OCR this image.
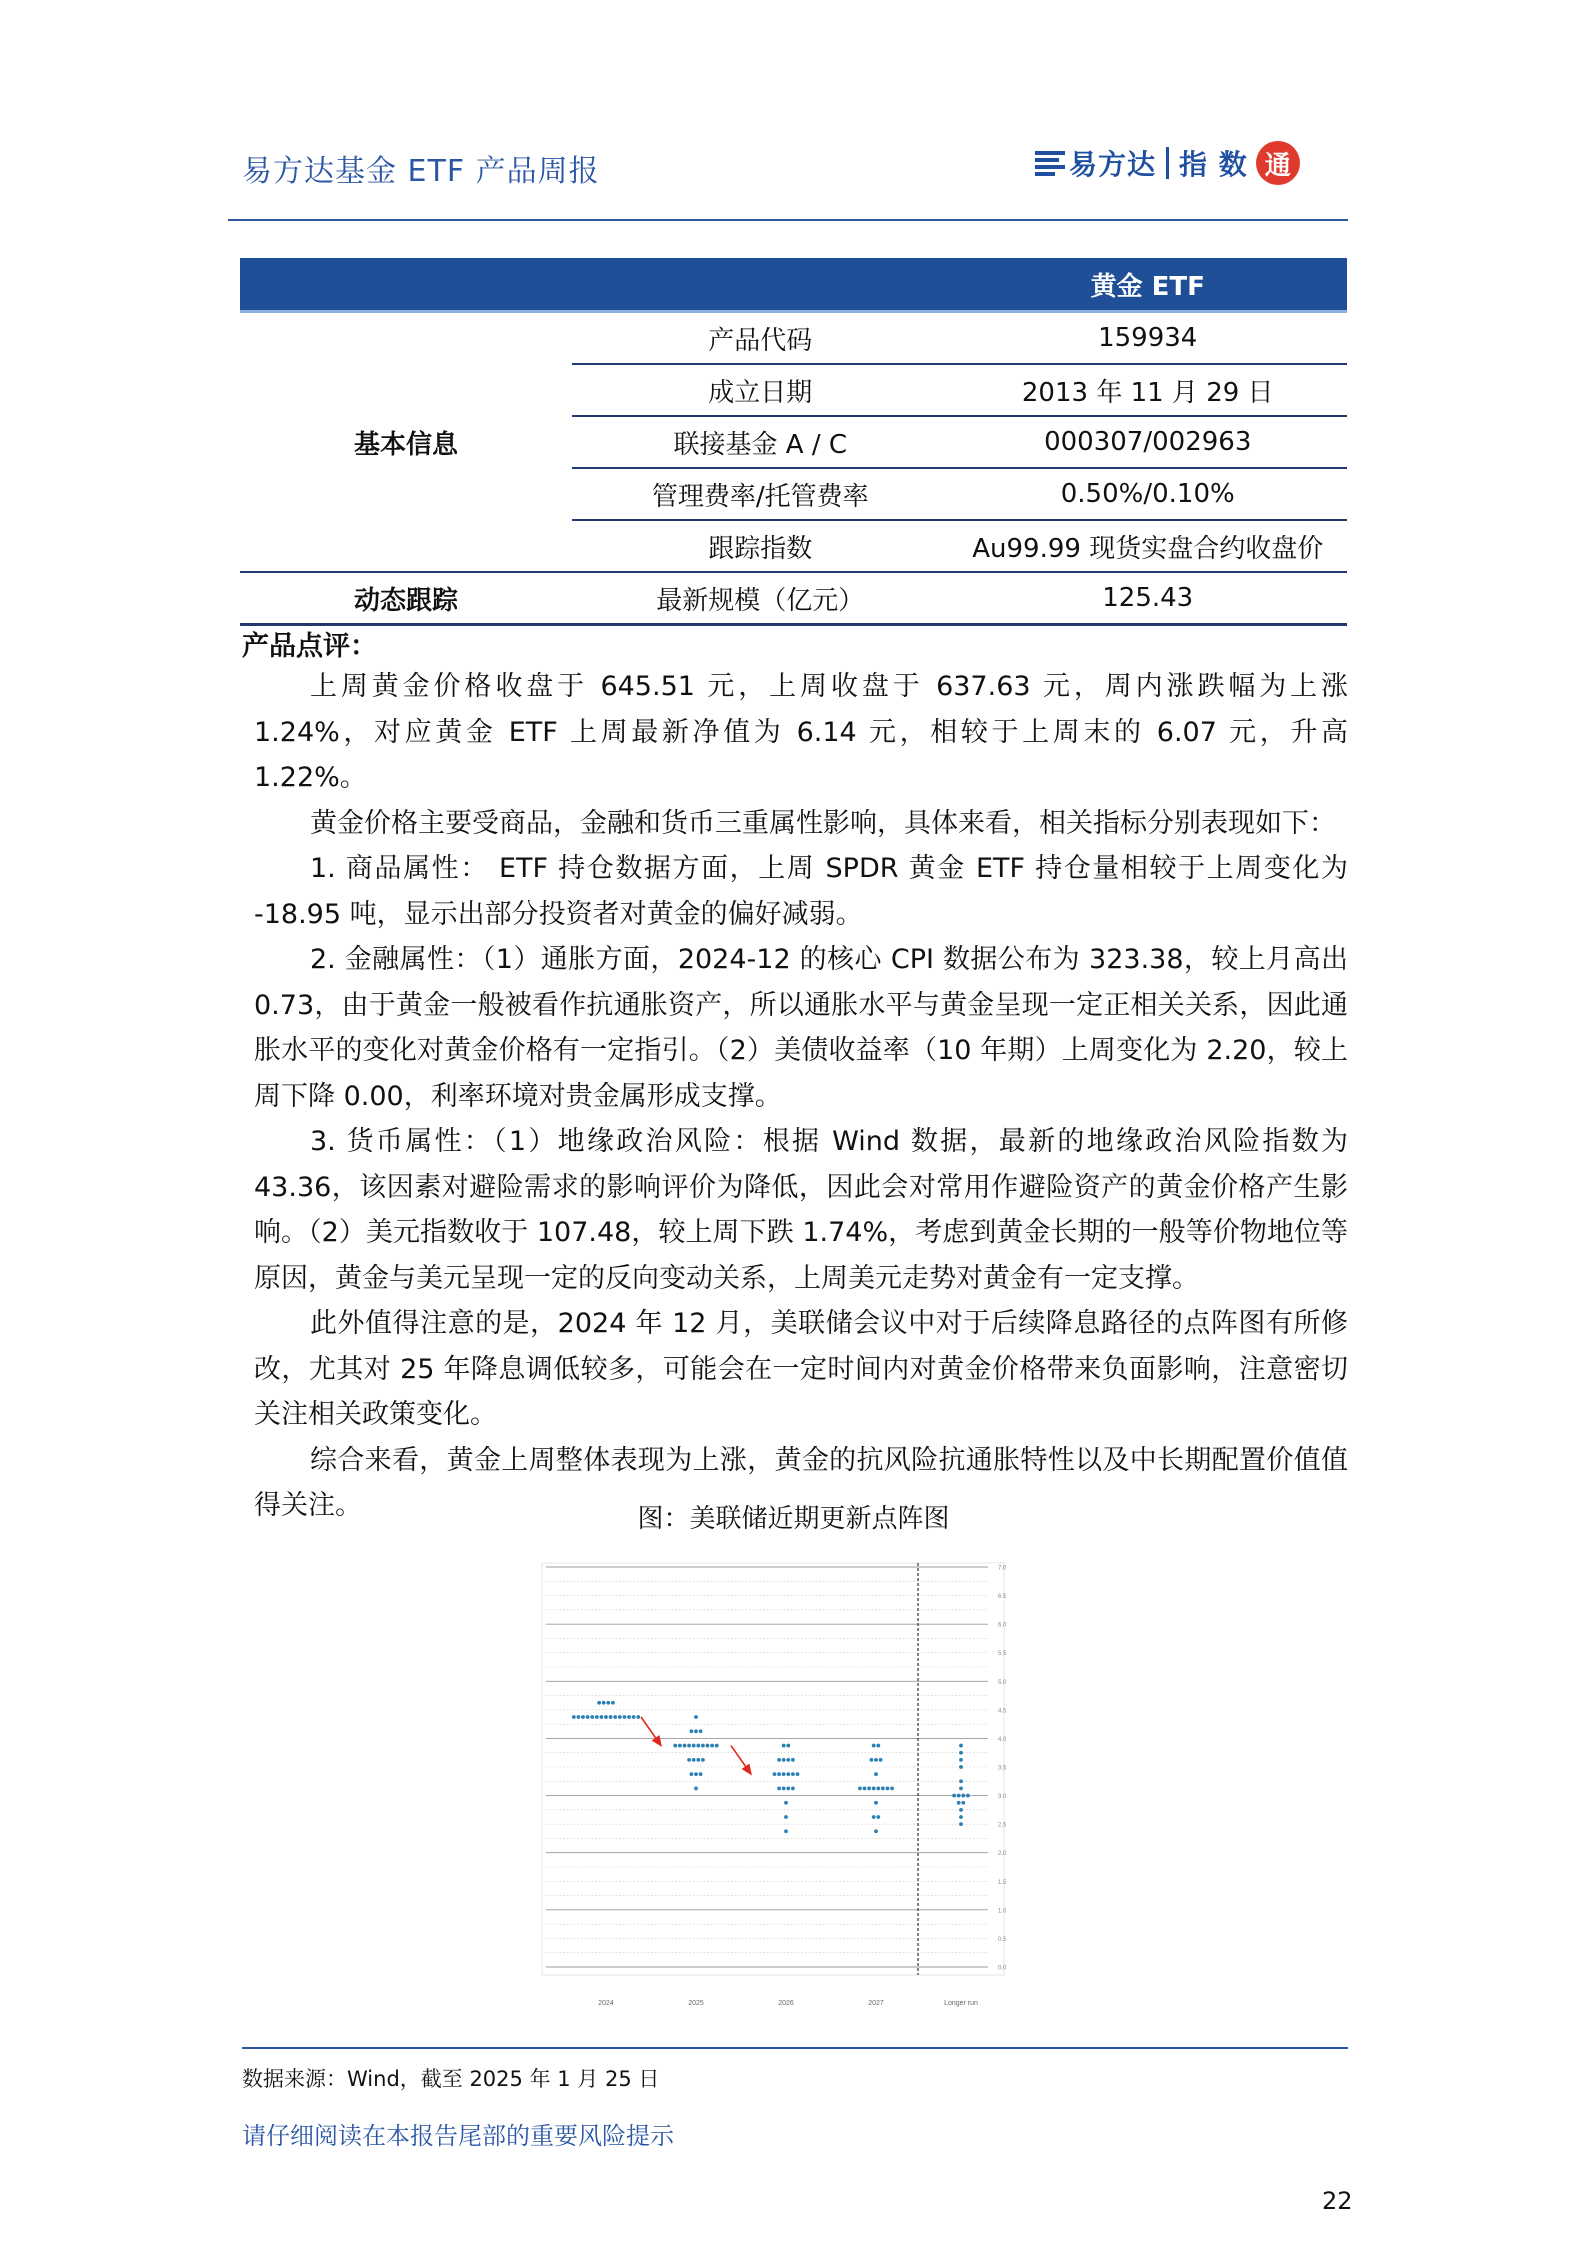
易方达基金 ETF 产品周报	易方达 指 数 通
		黄金 ETF
基本信息	产品代码	159934
	成立日期	2013 年 11 月 29 日
	联接基金 A / C	000307/002963
	管理费率/托管费率	0.50%/0.10%
	跟踪指数	Au99.99 现货实盘合约收盘价
动态跟踪	最新规模（亿元）	125.43
产品点评：

上周黄金价格收盘于 645.51 元，上周收盘于 637.63 元，周内涨跌幅为上涨 1.24%，对应黄金 ETF 上周最新净值为 6.14 元，相较于上周末的 6.07 元，升高 1.22%。

黄金价格主要受商品，金融和货币三重属性影响，具体来看，相关指标分别表现如下：

1. 商品属性： ETF 持仓数据方面，上周 SPDR 黄金 ETF 持仓量相较于上周变化为 -18.95 吨，显示出部分投资者对黄金的偏好减弱。

2. 金融属性：（1）通胀方面，2024-12 的核心 CPI 数据公布为 323.38，较上月高出 0.73，由于黄金一般被看作抗通胀资产，所以通胀水平与黄金呈现一定正相关关系，因此通胀水平的变化对黄金价格有一定指引。（2）美债收益率（10 年期）上周变化为 2.20，较上周下降 0.00，利率环境对贵金属形成支撑。

3. 货币属性：（1）地缘政治风险：根据 Wind 数据，最新的地缘政治风险指数为 43.36，该因素对避险需求的影响评价为降低，因此会对常用作避险资产的黄金价格产生影响。（2）美元指数收于 107.48，较上周下跌 1.74%，考虑到黄金长期的一般等价物地位等原因，黄金与美元呈现一定的反向变动关系，上周美元走势对黄金有一定支撑。

此外值得注意的是，2024 年 12 月，美联储会议中对于后续降息路径的点阵图有所修改，尤其对 25 年降息调低较多，可能会在一定时间内对黄金价格带来负面影响，注意密切关注相关政策变化。

综合来看，黄金上周整体表现为上涨，黄金的抗风险抗通胀特性以及中长期配置价值值得关注。	图：美联储近期更新点阵图
0.0
0.5
1.0
1.5
2.0
2.5
3.0
3.5
4.0
4.5
5.0
5.5
6.0
6.5
7.0
2024	2025	2026	2027	Longer run
数据来源：Wind，截至 2025 年 1 月 25 日
请仔细阅读在本报告尾部的重要风险提示
22
